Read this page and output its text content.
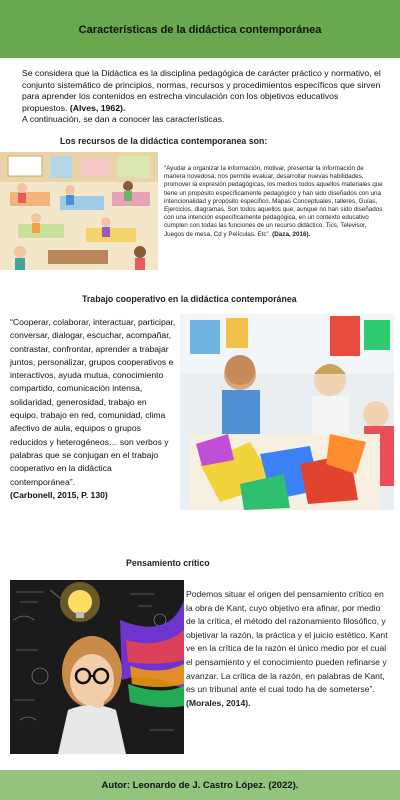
Características de la didáctica contemporánea
Se considera que la Didáctica es la disciplina pedagógica de carácter práctico y normativo, el conjunto sistemático de principios, normas, recursos y procedimientos específicos que sirven para aprender los contenidos en estrecha vinculación con los objetivos educativos propuestos. (Alves, 1962).
A continuación, se dan a conocer las características.
Los recursos de la didáctica contemporanea son:
“Ayudar a organizar la información, motivar, presentar la información de manera novedosa, nos permite evaluar, desarrollar nuevas habilidades, promover la expresión pedagógicas, los medios todos aquellos materiales que tiene un propósito específicamente pedagógico y han sido diseñados con una intencionalidad y propósito específico. Mapas Conceptuales, talleres, Guías, Ejercicios, diagramas. Son todos aquellos que, aunque no han sido diseñados con una intención específicamente pedagógica, en un contexto educativo cumplen con todas las funciones de un recurso didáctico. Tics, Televisor, Juegos de mesa, Cd y Películas. Etc”. (Daza, 2016).
Trabajo cooperativo en la didáctica contemporánea
“Cooperar, colaborar, interactuar, participar, conversar, dialogar, escuchar, acompañar, contrastar, confrontar, aprender a trabajar juntos, personalizar, grupos cooperativos e interactivos, ayuda mutua, conocimiento compartido, comunicación intensa, solidaridad, generosidad, trabajo en equipo, trabajo en red, comunidad, clima afectivo de aula, equipos o grupos reducidos y heterogéneos… son verbos y palabras que se conjugan en el trabajo cooperativo en la didáctica contemporánea”.
(Carbonell, 2015, P. 130)
Pensamiento crítico
Podemos situar el origen del pensamiento crítico en la obra de Kant, cuyo objetivo era afinar, por medio de la crítica, el método del razonamiento filosófico, y objetivar la razón, la práctica y el juicio estético. Kant ve en la crítica de la razón el único medio por el cual el pensamiento y el conocimiento pueden refinarse y avanzar. La crítica de la razón, en palabras de Kant, es un tribunal ante el cual todo ha de someterse”. (Morales, 2014).
Autor: Leonardo de J. Castro López. (2022).
